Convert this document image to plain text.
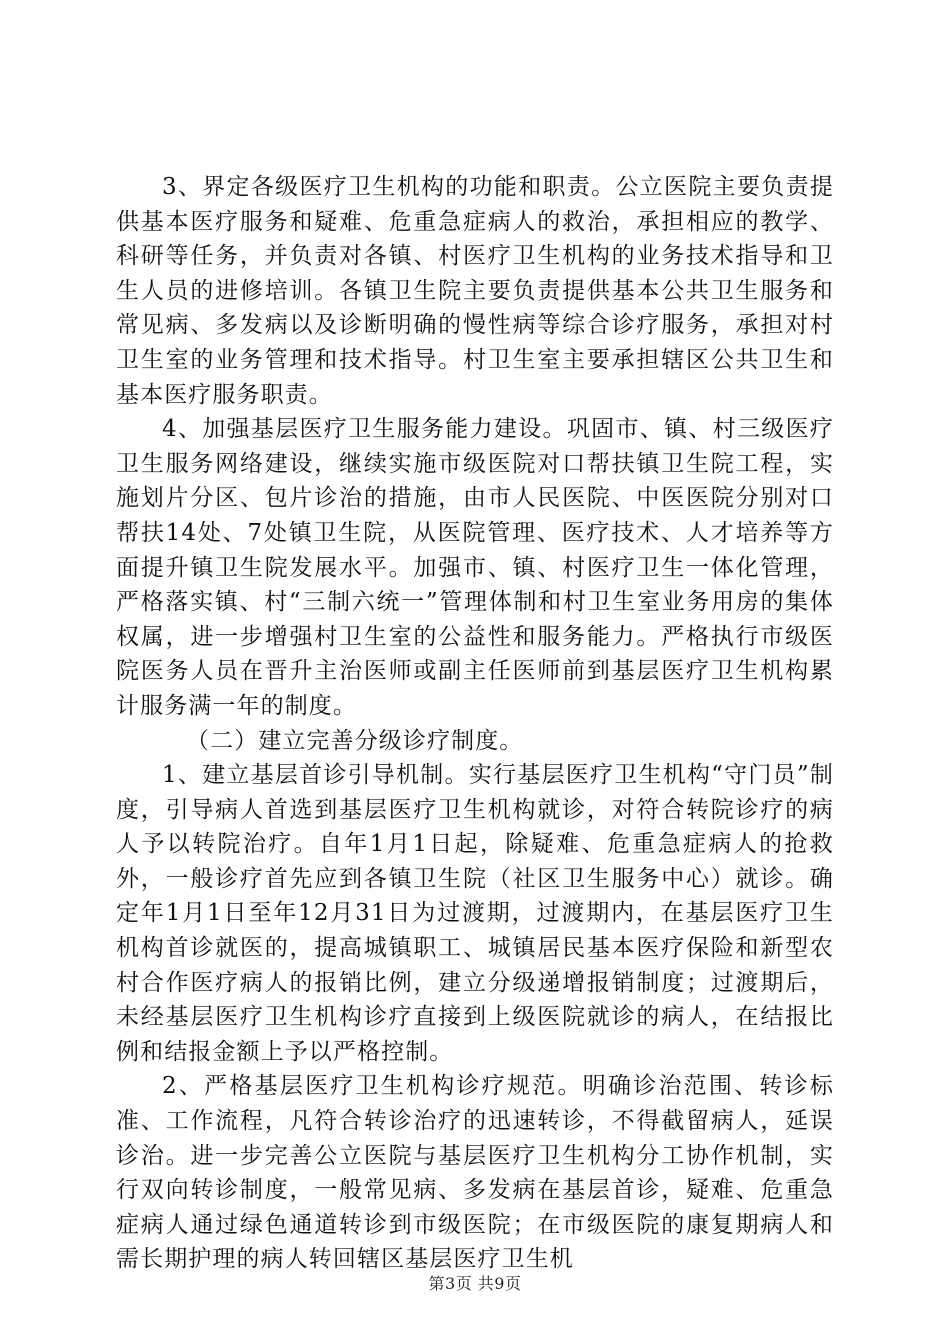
3、界定各级医疗卫生机构的功能和职责。公立医院主要负责提供基本医疗服务和疑难、危重急症病人的救治，承担相应的教学、科研等任务，并负责对各镇、村医疗卫生机构的业务技术指导和卫生人员的进修培训。各镇卫生院主要负责提供基本公共卫生服务和常见病、多发病以及诊断明确的慢性病等综合诊疗服务，承担对村卫生室的业务管理和技术指导。村卫生室主要承担辖区公共卫生和基本医疗服务职责。

4、加强基层医疗卫生服务能力建设。巩固市、镇、村三级医疗卫生服务网络建设，继续实施市级医院对口帮扶镇卫生院工程，实施划片分区、包片诊治的措施，由市人民医院、中医医院分别对口帮扶14处、7处镇卫生院，从医院管理、医疗技术、人才培养等方面提升镇卫生院发展水平。加强市、镇、村医疗卫生一体化管理，严格落实镇、村“三制六统一”管理体制和村卫生室业务用房的集体权属，进一步增强村卫生室的公益性和服务能力。严格执行市级医院医务人员在晋升主治医师或副主任医师前到基层医疗卫生机构累计服务满一年的制度。

（二）建立完善分级诊疗制度。

1、建立基层首诊引导机制。实行基层医疗卫生机构“守门员”制度，引导病人首选到基层医疗卫生机构就诊，对符合转院诊疗的病人予以转院治疗。自年1月1日起，除疑难、危重急症病人的抢救外，一般诊疗首先应到各镇卫生院（社区卫生服务中心）就诊。确定年1月1日至年12月31日为过渡期，过渡期内，在基层医疗卫生机构首诊就医的，提高城镇职工、城镇居民基本医疗保险和新型农村合作医疗病人的报销比例，建立分级递增报销制度；过渡期后，未经基层医疗卫生机构诊疗直接到上级医院就诊的病人，在结报比例和结报金额上予以严格控制。

2、严格基层医疗卫生机构诊疗规范。明确诊治范围、转诊标准、工作流程，凡符合转诊治疗的迅速转诊，不得截留病人，延误诊治。进一步完善公立医院与基层医疗卫生机构分工协作机制，实行双向转诊制度，一般常见病、多发病在基层首诊，疑难、危重急症病人通过绿色通道转诊到市级医院；在市级医院的康复期病人和需长期护理的病人转回辖区基层医疗卫生机

第3页 共9页
